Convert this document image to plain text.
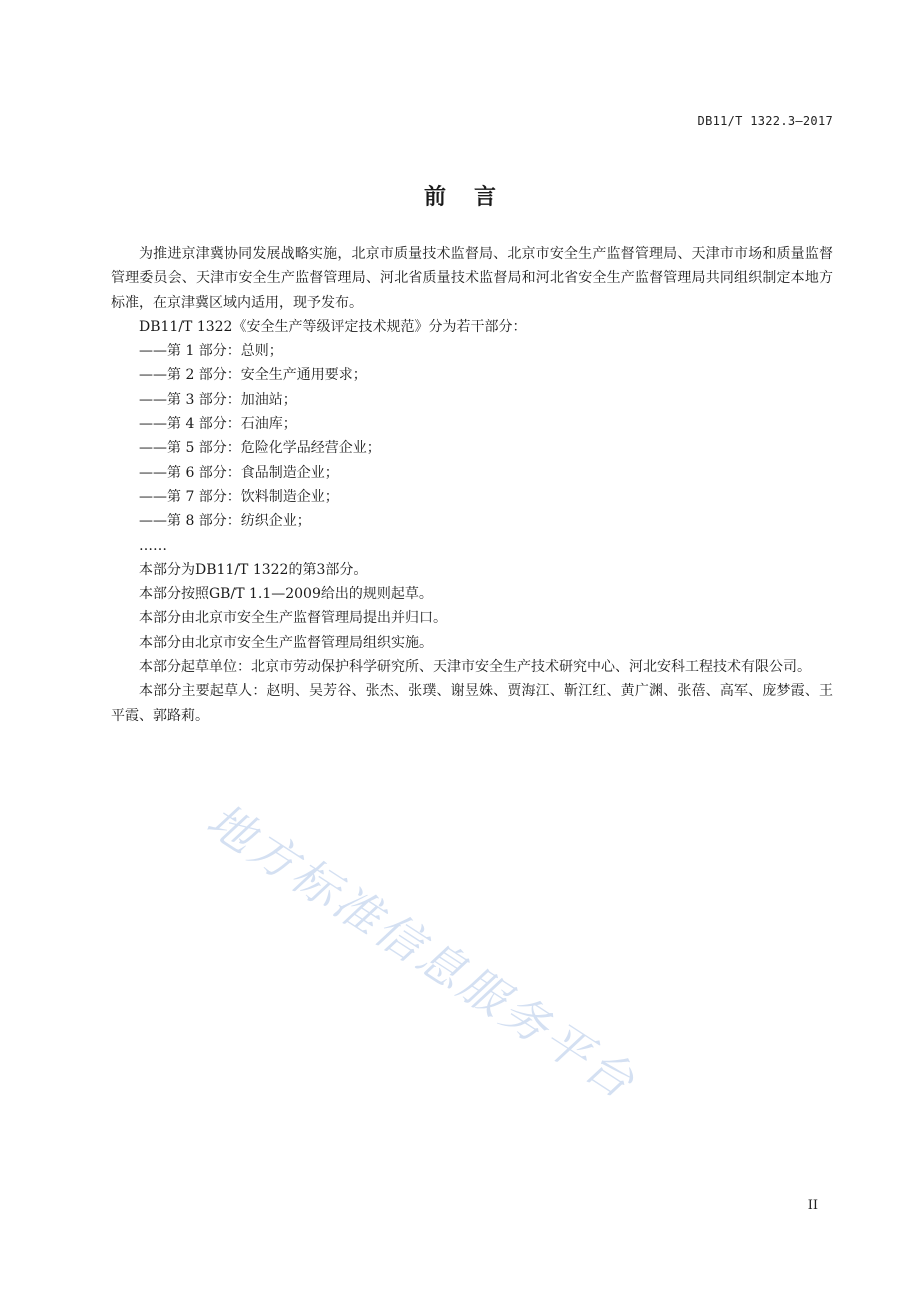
DB11/T 1322.3—2017
前言

为推进京津冀协同发展战略实施，北京市质量技术监督局、北京市安全生产监督管理局、天津市市场和质量监督管理委员会、天津市安全生产监督管理局、河北省质量技术监督局和河北省安全生产监督管理局共同组织制定本地方标准，在京津冀区域内适用，现予发布。

DB11/T 1322《安全生产等级评定技术规范》分为若干部分：

——第 1 部分：总则；
——第 2 部分：安全生产通用要求；
——第 3 部分：加油站；
——第 4 部分：石油库；
——第 5 部分：危险化学品经营企业；
——第 6 部分：食品制造企业；
——第 7 部分：饮料制造企业；
——第 8 部分：纺织企业；

……

本部分为DB11/T 1322的第3部分。

本部分按照GB/T 1.1—2009给出的规则起草。

本部分由北京市安全生产监督管理局提出并归口。

本部分由北京市安全生产监督管理局组织实施。

本部分起草单位：北京市劳动保护科学研究所、天津市安全生产技术研究中心、河北安科工程技术有限公司。

本部分主要起草人：赵明、吴芳谷、张杰、张璞、谢昱姝、贾海江、靳江红、黄广渊、张蓓、高军、庞梦霞、王平霞、郭路莉。

地方标准信息服务平台
II
